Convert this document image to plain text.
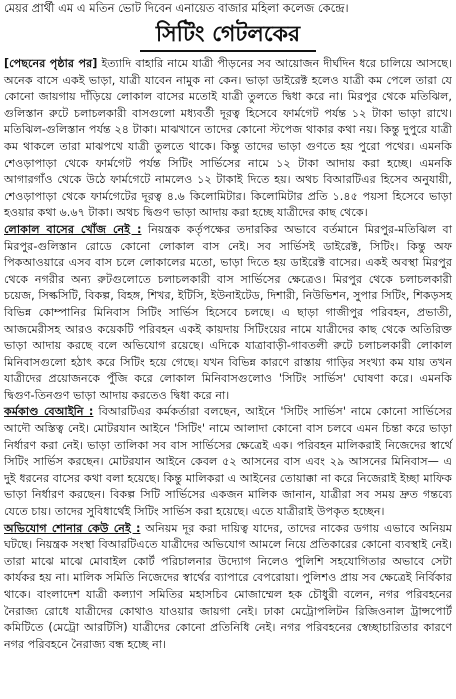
মেয়র প্রার্থী এম এ মতিন ভোট দিবেন এনায়েত বাজার মহিলা কলেজ কেন্দ্রে।
সিটিং গেটলকের

[পেছনের পৃষ্ঠার পর] ইত্যাদি বাহারি নামে যাত্রী পীড়নের সব আয়োজন দীর্ঘদিন ধরে চালিয়ে আসছে। অনেক বাসে একই ভাড়া, যাত্রী যাবেন নামুক না কেন। ভাড়া ডাইরেক্ট হলেও যাত্রী কম পেলে তারা যে কোনো জায়গায় দাঁড়িয়ে লোকাল বাসের মতোই যাত্রী তুলতে দ্বিধা করে না। মিরপুর থেকে মতিঝিল, গুলিস্তান রুটে চলাচলকারী বাসগুলো মধ্যবর্তী দূরত্ব হিসেবে ফার্মগেট পর্যন্ত ১২ টাকা ভাড়া রাখে। মতিঝিল-গুলিস্তান পর্যন্ত ২৪ টাকা। মাঝখানে তাদের কোনো স্টপেজ থাকার কথা নয়। কিন্তু দুপুরে যাত্রী কম থাকলে তারা মাঝপথে যাত্রী তুলতে থাকে। কিন্তু তাদের ভাড়া গুণতে হয় পুরো পথের। এমনকি শেওড়াপাড়া থেকে ফার্মগেট পর্যন্ত সিটিং সার্ভিসের নামে ১২ টাকা আদায় করা হচ্ছে। এমনকি আগারগাঁও থেকে উঠে ফার্মগেটে নামলেও ১২ টাকাই দিতে হয়। অথচ বিআরটিএর হিসেব অনুযায়ী, শেওড়াপাড়া থেকে ফার্মগেটের দূরত্ব ৪.৬ কিলোমিটার। কিলোমিটার প্রতি ১.৪৫ পয়সা হিসেবে ভাড়া হওয়ার কথা ৬.৬৭ টাকা। অথচ দ্বিগুণ ভাড়া আদায় করা হচ্ছে যাত্রীদের কাছ থেকে।

লোকাল বাসের খোঁজ নেই : নিয়ন্ত্রক কর্তৃপক্ষের তদারকির অভাবে বর্তমানে মিরপুর-মতিঝিল বা মিরপুর-গুলিস্তান রোডে কোনো লোকাল বাস নেই। সব সার্ভিসই ডাইরেক্ট, সিটিং। কিন্তু অফ পিকআওয়ারে এসব বাস চলে লোকালের মতো, ভাড়া দিতে হয় ডাইরেক্ট বাসের। একই অবস্থা মিরপুর থেকে নগরীর অন্য রুটগুলোতে চলাচলকারী বাস সার্ভিসের ক্ষেত্রেও। মিরপুর থেকে চলাচলকারী চয়েজ, সিল্কসিটি, বিকল্প, বিহঙ্গ, শিখর, ইটিসি, ইউনাইটেড, দিশারী, নিউভিশন, সুপার সিটিং, শিকড়সহ বিভিন্ন কোম্পানির মিনিবাস সিটিং সার্ভিস হিসেবে চলছে। এ ছাড়া গাজীপুর পরিবহন, প্রভাতী, আজমেরীসহ আরও কয়েকটি পরিবহন একই কায়দায় সিটিংয়ের নামে যাত্রীদের কাছ থেকে অতিরিক্ত ভাড়া আদায় করছে বলে অভিযোগ রয়েছে। এদিকে যাত্রাবাড়ী-গাবতলী রুটে চলাচলকারী লোকাল মিনিবাসগুলো হঠাৎ করে সিটিং হয়ে গেছে। যখন বিভিন্ন কারণে রাস্তায় গাড়ির সংখ্যা কম যায় তখন যাত্রীদের প্রয়োজনকে পুঁজি করে লোকাল মিনিবাসগুলোও 'সিটিং সার্ভিস' ঘোষণা করে। এমনকি দ্বিগুণ-তিনগুণ ভাড়া আদায় করতেও দ্বিধা করে না।

কর্মকাণ্ড বেআইনি : বিআরটিএর কর্মকর্তারা বলছেন, আইনে 'সিটিং সার্ভিস' নামে কোনো সার্ভিসের আদৌ অস্তিত্ব নেই। মোটরযান আইনে 'সিটিং' নামে আলাদা কোনো বাস চলবে এমন চিন্তা করে ভাড়া নির্ধারণ করা নেই। ভাড়া তালিকা সব বাস সার্ভিসের ক্ষেত্রেই এক। পরিবহন মালিকরাই নিজেদের স্বার্থে সিটিং সার্ভিস করছেন। মোটরযান আইনে কেবল ৫২ আসনের বাস এবং ২৯ আসনের মিনিবাস— এ দুই ধরনের বাসের কথা বলা হয়েছে। কিন্তু মালিকরা এ আইনের তোয়াক্কা না করে নিজেরাই ইচ্ছা মাফিক ভাড়া নির্ধারণ করছেন। বিকল্প সিটি সার্ভিসের একজন মালিক জানান, যাত্রীরা সব সময় দ্রুত গন্তব্যে যেতে চায়। তাদের সুবিধার্থেই সিটিং সার্ভিস করা হয়েছে। এতে যাত্রীরাই উপকৃত হচ্ছেন।

অভিযোগ শোনার কেউ নেই : অনিয়ম দূর করা দায়িত্ব যাদের, তাদের নাকের ডগায় এভাবে অনিয়ম ঘটছে। নিয়ন্ত্রক সংস্থা বিআরটিএতে যাত্রীদের অভিযোগ আমলে নিয়ে প্রতিকারের কোনো ব্যবস্থাই নেই। তারা মাঝে মাঝে মোবাইল কোর্ট পরিচালনার উদ্যোগ নিলেও পুলিশি সহযোগিতার অভাবে সেটা কার্যকর হয় না। মালিক সমিতি নিজেদের স্বার্থের ব্যাপারে বেপরোয়া। পুলিশও প্রায় সব ক্ষেত্রেই নির্বিকার থাকে। বাংলাদেশ যাত্রী কল্যাণ সমিতির মহাসচিব মোজাম্মেল হক চৌধুরী বলেন, নগর পরিবহনের নৈরাজ্য রোধে যাত্রীদের কোথাও যাওয়ার জায়গা নেই। ঢাকা মেট্রোপলিটন রিজিওনাল ট্রান্সপোর্ট কমিটিতে (মেট্রো আরটিসি) যাত্রীদের কোনো প্রতিনিধি নেই। নগর পরিবহনের স্বেচ্ছাচারিতার কারণে নগর পরিবহনে নৈরাজ্য বন্ধ হচ্ছে না।
